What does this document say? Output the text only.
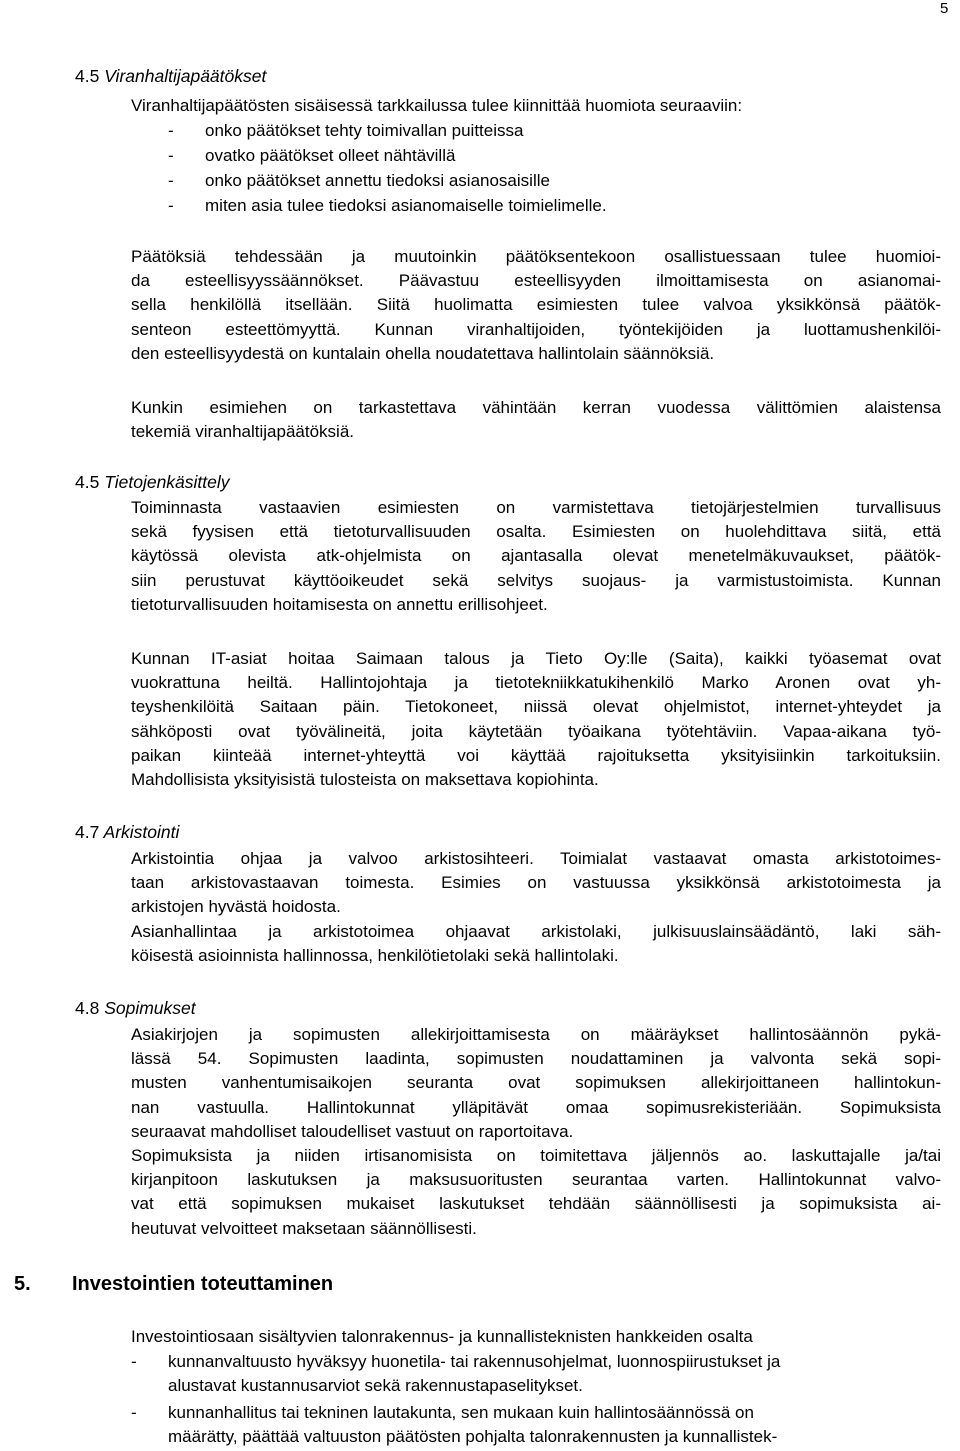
5
4.5 Viranhaltijapäätökset
Viranhaltijapäätösten sisäisessä tarkkailussa tulee kiinnittää huomiota seuraaviin:
- onko päätökset tehty toimivallan puitteissa
- ovatko päätökset olleet nähtävillä
- onko päätökset annettu tiedoksi asianosaisille
- miten asia tulee tiedoksi asianomaiselle toimielimelle.
Päätöksiä tehdessään ja muutoinkin päätöksentekoon osallistuessaan tulee huomioi-
da esteellisyyssäännökset. Päävastuu esteellisyyden ilmoittamisesta on asianomai-
sella henkilöllä itsellään. Siitä huolimatta esimiesten tulee valvoa yksikkönsä päätök-
senteon esteettömyyttä. Kunnan viranhaltijoiden, työntekijöiden ja luottamushenkilöi-
den esteellisyydestä on kuntalain ohella noudatettava hallintolain säännöksiä.
Kunkin esimiehen on tarkastettava vähintään kerran vuodessa välittömien alaistensa
tekemiä viranhaltijapäätöksiä.
4.5 Tietojenkäsittely
Toiminnasta vastaavien esimiesten on varmistettava tietojärjestelmien turvallisuus
sekä fyysisen että tietoturvallisuuden osalta. Esimiesten on huolehdittava siitä, että
käytössä olevista atk-ohjelmista on ajantasalla olevat menetelmäkuvaukset, päätök-
siin perustuvat käyttöoikeudet sekä selvitys suojaus- ja varmistustoimista. Kunnan
tietoturvallisuuden hoitamisesta on annettu erillisohjeet.
Kunnan IT-asiat hoitaa Saimaan talous ja Tieto Oy:lle (Saita), kaikki työasemat ovat
vuokrattuna heiltä. Hallintojohtaja ja tietotekniikkatukihenkilö Marko Aronen ovat yh-
teyshenkilöitä Saitaan päin. Tietokoneet, niissä olevat ohjelmistot, internet-yhteydet ja
sähköposti ovat työvälineitä, joita käytetään työaikana työtehtäviin. Vapaa-aikana työ-
paikan kiinteää internet-yhteyttä voi käyttää rajoituksetta yksityisiinkin tarkoituksiin.
Mahdollisista yksityisistä tulosteista on maksettava kopiohinta.
4.7 Arkistointi
Arkistointia ohjaa ja valvoo arkistosihteeri. Toimialat vastaavat omasta arkistotoimes-
taan arkistovastaavan toimesta. Esimies on vastuussa yksikkönsä arkistotoimesta ja
arkistojen hyvästä hoidosta.
Asianhallintaa ja arkistotoimea ohjaavat arkistolaki, julkisuuslainsäädäntö, laki säh-
köisestä asioinnista hallinnossa, henkilötietolaki sekä hallintolaki.
4.8 Sopimukset
Asiakirjojen ja sopimusten allekirjoittamisesta on määräykset hallintosäännön pykä-
lässä 54. Sopimusten laadinta, sopimusten noudattaminen ja valvonta sekä sopi-
musten vanhentumisaikojen seuranta ovat sopimuksen allekirjoittaneen hallintokun-
nan vastuulla. Hallintokunnat ylläpitävät omaa sopimusrekisteriään. Sopimuksista
seuraavat mahdolliset taloudelliset vastuut on raportoitava.
Sopimuksista ja niiden irtisanomisista on toimitettava jäljennös ao. laskuttajalle ja/tai
kirjanpitoon laskutuksen ja maksusuoritusten seurantaa varten. Hallintokunnat valvo-
vat että sopimuksen mukaiset laskutukset tehdään säännöllisesti ja sopimuksista ai-
heutuvat velvoitteet maksetaan säännöllisesti.
5. Investointien toteuttaminen
Investointiosaan sisältyvien talonrakennus- ja kunnallisteknisten hankkeiden osalta
- kunnanvaltuusto hyväksyy huonetila- tai rakennusohjelmat, luonnospiirustukset ja
alustavat kustannusarviot sekä rakennustapaselitykset.
- kunnanhallitus tai tekninen lautakunta, sen mukaan kuin hallintosäännössä on
määrätty, päättää valtuuston päätösten pohjalta talonrakennusten ja kunnallistek-
